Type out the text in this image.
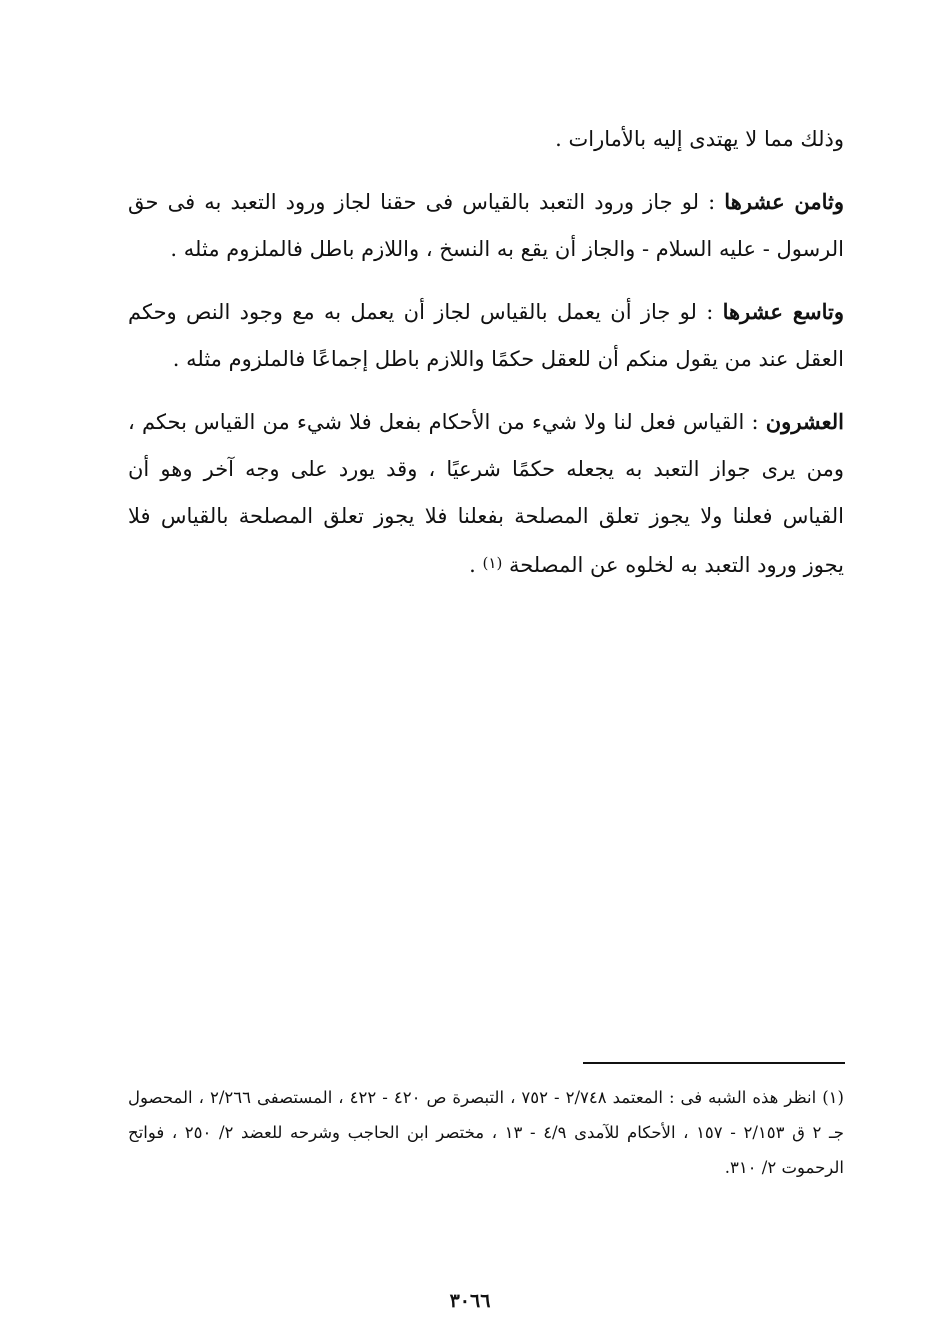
وذلك مما لا يهتدى إليه بالأمارات .

وثامن عشرها : لو جاز ورود التعبد بالقياس فى حقنا لجاز ورود التعبد به فى حق الرسول - عليه السلام - والجاز أن يقع به النسخ ، واللازم باطل فالملزوم مثله .

وتاسع عشرها : لو جاز أن يعمل بالقياس لجاز أن يعمل به مع وجود النص وحكم العقل عند من يقول منكم أن للعقل حكمًا واللازم باطل إجماعًا فالملزوم مثله .

العشرون : القياس فعل لنا ولا شيء من الأحكام بفعل فلا شيء من القياس بحكم ، ومن يرى جواز التعبد به يجعله حكمًا شرعيًا ، وقد يورد على وجه آخر وهو أن القياس فعلنا ولا يجوز تعلق المصلحة بفعلنا فلا يجوز تعلق المصلحة بالقياس فلا يجوز ورود التعبد به لخلوه عن المصلحة (١) .

(١) انظر هذه الشبه فى : المعتمد ٢/٧٤٨ - ٧٥٢ ، التبصرة ص ٤٢٠ - ٤٢٢ ، المستصفى ٢/٢٦٦ ، المحصول جـ ٢ ق ٢/١٥٣ - ١٥٧ ، الأحكام للآمدى ٤/٩ - ١٣ ، مختصر ابن الحاجب وشرحه للعضد ٢/ ٢٥٠ ، فواتح الرحموت ٢/ ٣١٠.

٣٠٦٦
